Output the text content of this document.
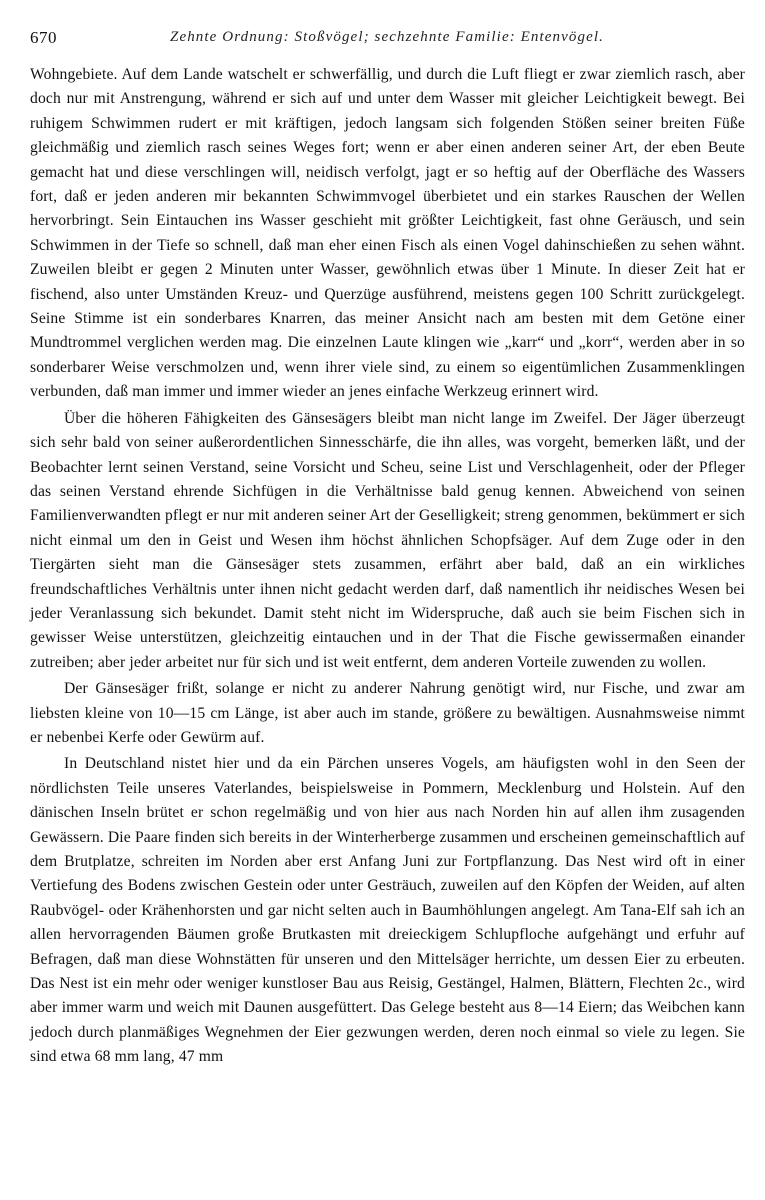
670	Zehnte Ordnung: Stoßvögel; sechzehnte Familie: Entenvögel.

Wohngebiete. Auf dem Lande watschelt er schwerfällig, und durch die Luft fliegt er zwar ziemlich rasch, aber doch nur mit Anstrengung, während er sich auf und unter dem Wasser mit gleicher Leichtigkeit bewegt. Bei ruhigem Schwimmen rudert er mit kräftigen, jedoch langsam sich folgenden Stößen seiner breiten Füße gleichmäßig und ziemlich rasch seines Weges fort; wenn er aber einen anderen seiner Art, der eben Beute gemacht hat und diese verschlingen will, neidisch verfolgt, jagt er so heftig auf der Oberfläche des Wassers fort, daß er jeden anderen mir bekannten Schwimmvogel überbietet und ein starkes Rauschen der Wellen hervorbringt. Sein Eintauchen ins Wasser geschieht mit größter Leichtigkeit, fast ohne Geräusch, und sein Schwimmen in der Tiefe so schnell, daß man eher einen Fisch als einen Vogel dahinschießen zu sehen wähnt. Zuweilen bleibt er gegen 2 Minuten unter Wasser, gewöhnlich etwas über 1 Minute. In dieser Zeit hat er fischend, also unter Umständen Kreuz- und Querzüge ausführend, meistens gegen 100 Schritt zurückgelegt. Seine Stimme ist ein sonderbares Knarren, das meiner Ansicht nach am besten mit dem Getöne einer Mundtrommel verglichen werden mag. Die einzelnen Laute klingen wie „karr“ und „korr“, werden aber in so sonderbarer Weise verschmolzen und, wenn ihrer viele sind, zu einem so eigentümlichen Zusammenklingen verbunden, daß man immer und immer wieder an jenes einfache Werkzeug erinnert wird.

Über die höheren Fähigkeiten des Gänsesägers bleibt man nicht lange im Zweifel. Der Jäger überzeugt sich sehr bald von seiner außerordentlichen Sinnesschärfe, die ihn alles, was vorgeht, bemerken läßt, und der Beobachter lernt seinen Verstand, seine Vorsicht und Scheu, seine List und Verschlagenheit, oder der Pfleger das seinen Verstand ehrende Sichfügen in die Verhältnisse bald genug kennen. Abweichend von seinen Familienverwandten pflegt er nur mit anderen seiner Art der Geselligkeit; streng genommen, bekümmert er sich nicht einmal um den in Geist und Wesen ihm höchst ähnlichen Schopfsäger. Auf dem Zuge oder in den Tiergärten sieht man die Gänsesäger stets zusammen, erfährt aber bald, daß an ein wirkliches freundschaftliches Verhältnis unter ihnen nicht gedacht werden darf, daß namentlich ihr neidisches Wesen bei jeder Veranlassung sich bekundet. Damit steht nicht im Widerspruche, daß auch sie beim Fischen sich in gewisser Weise unterstützen, gleichzeitig eintauchen und in der That die Fische gewissermaßen einander zutreiben; aber jeder arbeitet nur für sich und ist weit entfernt, dem anderen Vorteile zuwenden zu wollen.

Der Gänsesäger frißt, solange er nicht zu anderer Nahrung genötigt wird, nur Fische, und zwar am liebsten kleine von 10—15 cm Länge, ist aber auch im stande, größere zu bewältigen. Ausnahmsweise nimmt er nebenbei Kerfe oder Gewürm auf.

In Deutschland nistet hier und da ein Pärchen unseres Vogels, am häufigsten wohl in den Seen der nördlichsten Teile unseres Vaterlandes, beispielsweise in Pommern, Mecklenburg und Holstein. Auf den dänischen Inseln brütet er schon regelmäßig und von hier aus nach Norden hin auf allen ihm zusagenden Gewässern. Die Paare finden sich bereits in der Winterherberge zusammen und erscheinen gemeinschaftlich auf dem Brutplatze, schreiten im Norden aber erst Anfang Juni zur Fortpflanzung. Das Nest wird oft in einer Vertiefung des Bodens zwischen Gestein oder unter Gesträuch, zuweilen auf den Köpfen der Weiden, auf alten Raubvögel- oder Krähenhorsten und gar nicht selten auch in Baumhöhlungen angelegt. Am Tana-Elf sah ich an allen hervorragenden Bäumen große Brutkasten mit dreieckigem Schlupfloche aufgehängt und erfuhr auf Befragen, daß man diese Wohnstätten für unseren und den Mittelsäger herrichte, um dessen Eier zu erbeuten. Das Nest ist ein mehr oder weniger kunstloser Bau aus Reisig, Gestängel, Halmen, Blättern, Flechten 2c., wird aber immer warm und weich mit Daunen ausgefüttert. Das Gelege besteht aus 8—14 Eiern; das Weibchen kann jedoch durch planmäßiges Wegnehmen der Eier gezwungen werden, deren noch einmal so viele zu legen. Sie sind etwa 68 mm lang, 47 mm
